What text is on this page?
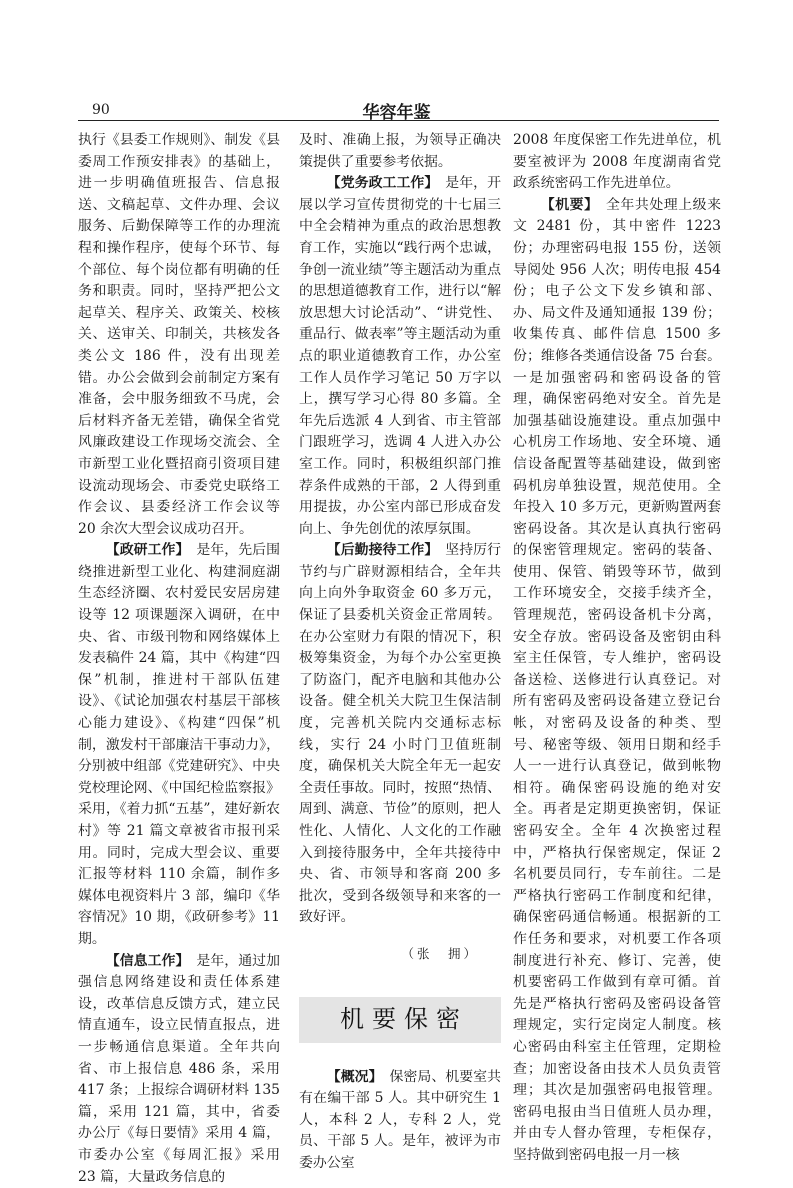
90	华容年鉴

执行《县委工作规则》、制发《县委周工作预安排表》的基础上，进一步明确值班报告、信息报送、文稿起草、文件办理、会议服务、后勤保障等工作的办理流程和操作程序，使每个环节、每个部位、每个岗位都有明确的任务和职责。同时，坚持严把公文起草关、程序关、政策关、校核关、送审关、印制关，共核发各类公文 186 件，没有出现差错。办公会做到会前制定方案有准备，会中服务细致不马虎，会后材料齐备无差错，确保全省党风廉政建设工作现场交流会、全市新型工业化暨招商引资项目建设流动现场会、市委党史联络工作会议、县委经济工作会议等 20 余次大型会议成功召开。

【政研工作】　 是年，先后围绕推进新型工业化、构建洞庭湖生态经济圈、农村爱民安居房建设等 12 项课题深入调研，在中央、省、市级刊物和网络媒体上发表稿件 24 篇，其中《构建“四保”机制，推进村干部队伍建设》、《试论加强农村基层干部核心能力建设》、《构建“四保”机制，激发村干部廉洁干事动力》，分别被中组部《党建研究》、中央党校理论网、《中国纪检监察报》采用，《着力抓“五基”，建好新农村》等 21 篇文章被省市报刊采用。同时，完成大型会议、重要汇报等材料 110 余篇，制作多媒体电视资料片 3 部，编印《华容情况》10 期，《政研参考》11 期。

【信息工作】　 是年，通过加强信息网络建设和责任体系建设，改革信息反馈方式，建立民情直通车，设立民情直报点，进一步畅通信息渠道。全年共向省、市上报信息 486 条，采用 417 条；上报综合调研材料 135 篇，采用 121 篇，其中，省委办公厅《每日要情》采用 4 篇，市委办公室《每周汇报》采用 23 篇，大量政务信息的

及时、准确上报，为领导正确决策提供了重要参考依据。

【党务政工工作】　 是年，开展以学习宣传贯彻党的十七届三中全会精神为重点的政治思想教育工作，实施以“践行两个忠诚，争创一流业绩”等主题活动为重点的思想道德教育工作，进行以“解放思想大讨论活动”、“讲党性、重品行、做表率”等主题活动为重点的职业道德教育工作，办公室工作人员作学习笔记 50 万字以上，撰写学习心得 80 多篇。全年先后选派 4 人到省、市主管部门跟班学习，选调 4 人进入办公室工作。同时，积极组织部门推荐条件成熟的干部，2 人得到重用提拔，办公室内部已形成奋发向上、争先创优的浓厚氛围。

【后勤接待工作】　 坚持厉行节约与广辟财源相结合，全年共向上向外争取资金 60 多万元，保证了县委机关资金正常周转。在办公室财力有限的情况下，积极筹集资金，为每个办公室更换了防盗门，配齐电脑和其他办公设备。健全机关大院卫生保洁制度，完善机关院内交通标志标线，实行 24 小时门卫值班制度，确保机关大院全年无一起安全责任事故。同时，按照“热情、周到、满意、节俭”的原则，把人性化、人情化、人文化的工作融入到接待服务中，全年共接待中央、省、市领导和客商 200 多批次，受到各级领导和来客的一致好评。

（张　拥）

机要保密

【概况】　 保密局、机要室共有在编干部 5 人。其中研究生 1 人，本科 2 人，专科 2 人，党员、干部 5 人。是年，被评为市委办公室

2008 年度保密工作先进单位，机要室被评为 2008 年度湖南省党政系统密码工作先进单位。

【机要】　 全年共处理上级来文 2481 份，其中密件 1223 份；办理密码电报 155 份，送领导阅处 956 人次；明传电报 454 份；电子公文下发乡镇和部、办、局文件及通知通报 139 份；收集传真、邮件信息 1500 多份；维修各类通信设备 75 台套。一是加强密码和密码设备的管理，确保密码绝对安全。首先是加强基础设施建设。重点加强中心机房工作场地、安全环境、通信设备配置等基础建设，做到密码机房单独设置，规范使用。全年投入 10 多万元，更新购置两套密码设备。其次是认真执行密码的保密管理规定。密码的装备、使用、保管、销毁等环节，做到工作环境安全，交接手续齐全，管理规范，密码设备机卡分离，安全存放。密码设备及密钥由科室主任保管，专人维护，密码设备送检、送修进行认真登记。对所有密码及密码设备建立登记台帐，对密码及设备的种类、型号、秘密等级、领用日期和经手人一一进行认真登记，做到帐物相符。确保密码设施的绝对安全。再者是定期更换密钥，保证密码安全。全年 4 次换密过程中，严格执行保密规定，保证 2 名机要员同行，专车前往。二是严格执行密码工作制度和纪律，确保密码通信畅通。根据新的工作任务和要求，对机要工作各项制度进行补充、修订、完善，使机要密码工作做到有章可循。首先是严格执行密码及密码设备管理规定，实行定岗定人制度。核心密码由科室主任管理，定期检查；加密设备由技术人员负责管理；其次是加强密码电报管理。密码电报由当日值班人员办理，并由专人督办管理，专柜保存，坚持做到密码电报一月一核
